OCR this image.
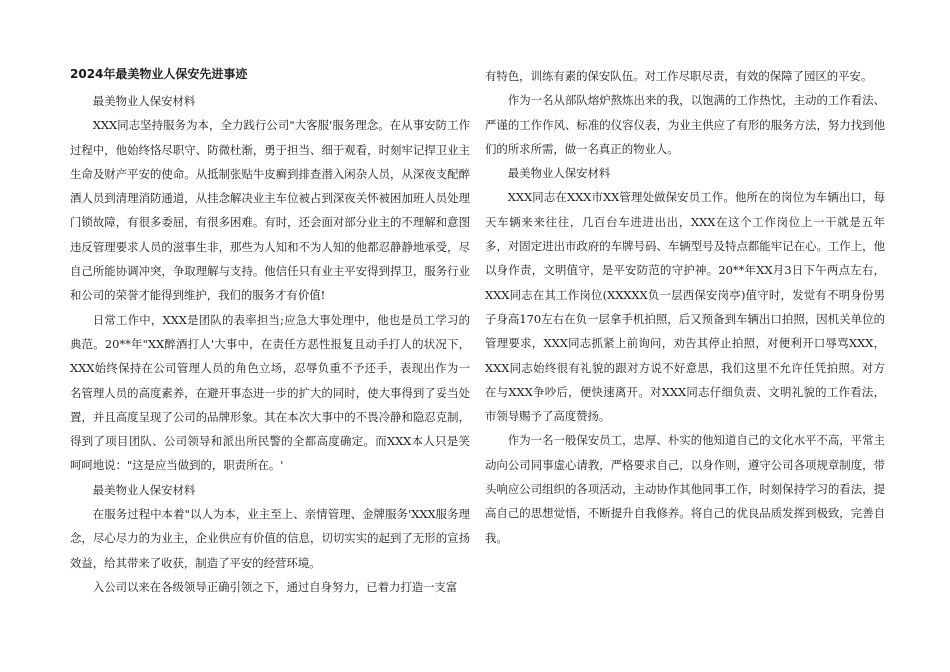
2024年最美物业人保安先进事迹

最美物业人保安材料

XXX同志坚持服务为本，全力践行公司"大客服'服务理念。在从事安防工作过程中，他始终恪尽职守、防微杜渐，勇于担当、细于观看，时刻牢记捍卫业主生命及财产平安的使命。从抵制张贴牛皮癣到排查潜入闲杂人员，从深夜支配醉酒人员到清理消防通道，从挂念解决业主车位被占到深夜关怀被困加班人员处理门锁故障，有很多委屈，有很多困难。有时，还会面对部分业主的不理解和意图违反管理要求人员的滋事生非，那些为人知和不为人知的他都忍静静地承受，尽自己所能协调冲突，争取理解与支持。他信任只有业主平安得到捍卫，服务行业和公司的荣誉才能得到维护，我们的服务才有价值!

日常工作中，XXX是团队的表率担当;应急大事处理中，他也是员工学习的典范。20**年"XX醉酒打人'大事中，在责任方恶性报复且动手打人的状况下，XXX始终保持在公司管理人员的角色立场，忍辱负重不予还手，表现出作为一名管理人员的高度素养，在避开事态进一步的扩大的同时，使大事得到了妥当处置，并且高度呈现了公司的品牌形象。其在本次大事中的不畏冷静和隐忍克制，得到了项目团队、公司领导和派出所民警的全都高度确定。而XXX本人只是笑呵呵地说："这是应当做到的，职责所在。'

最美物业人保安材料

在服务过程中本着"以人为本，业主至上、亲情管理、金牌服务'XXX服务理念，尽心尽力的为业主，企业供应有价值的信息，切切实实的起到了无形的宣扬效益，给其带来了收获，制造了平安的经营环境。

入公司以来在各级领导正确引领之下，通过自身努力，已着力打造一支富

有特色，训练有素的保安队伍。对工作尽职尽责，有效的保障了园区的平安。

作为一名从部队熔炉熬炼出来的我，以饱满的工作热忱，主动的工作看法、严谨的工作作风、标准的仪容仪表，为业主供应了有形的服务方法，努力找到他们的所求所需，做一名真正的物业人。

最美物业人保安材料

XXX同志在XXX市XX管理处做保安员工作。他所在的岗位为车辆出口，每天车辆来来往往，几百台车进进出出，XXX在这个工作岗位上一干就是五年多，对固定进出市政府的车牌号码、车辆型号及特点都能牢记在心。工作上，他以身作责，文明值守，是平安防范的守护神。20**年XX月3日下午两点左右，XXX同志在其工作岗位(XXXXX负一层西保安岗亭)值守时，发觉有不明身份男子身高170左右在负一层拿手机拍照，后又预备到车辆出口拍照，因机关单位的管理要求，XXX同志抓紧上前询问，劝告其停止拍照，对便利开口辱骂XXX，XXX同志始终很有礼貌的跟对方说不好意思，我们这里不允许任凭拍照。对方在与XXX争吵后，便快速离开。对XXX同志仔细负责、文明礼貌的工作看法，市领导赐予了高度赞扬。

作为一名一般保安员工，忠厚、朴实的他知道自己的文化水平不高，平常主动向公司同事虚心请教，严格要求自己，以身作则，遵守公司各项规章制度，带头响应公司组织的各项活动，主动协作其他同事工作，时刻保持学习的看法，提高自己的思想觉悟，不断提升自我修养。将自己的优良品质发挥到极致，完善自我。
